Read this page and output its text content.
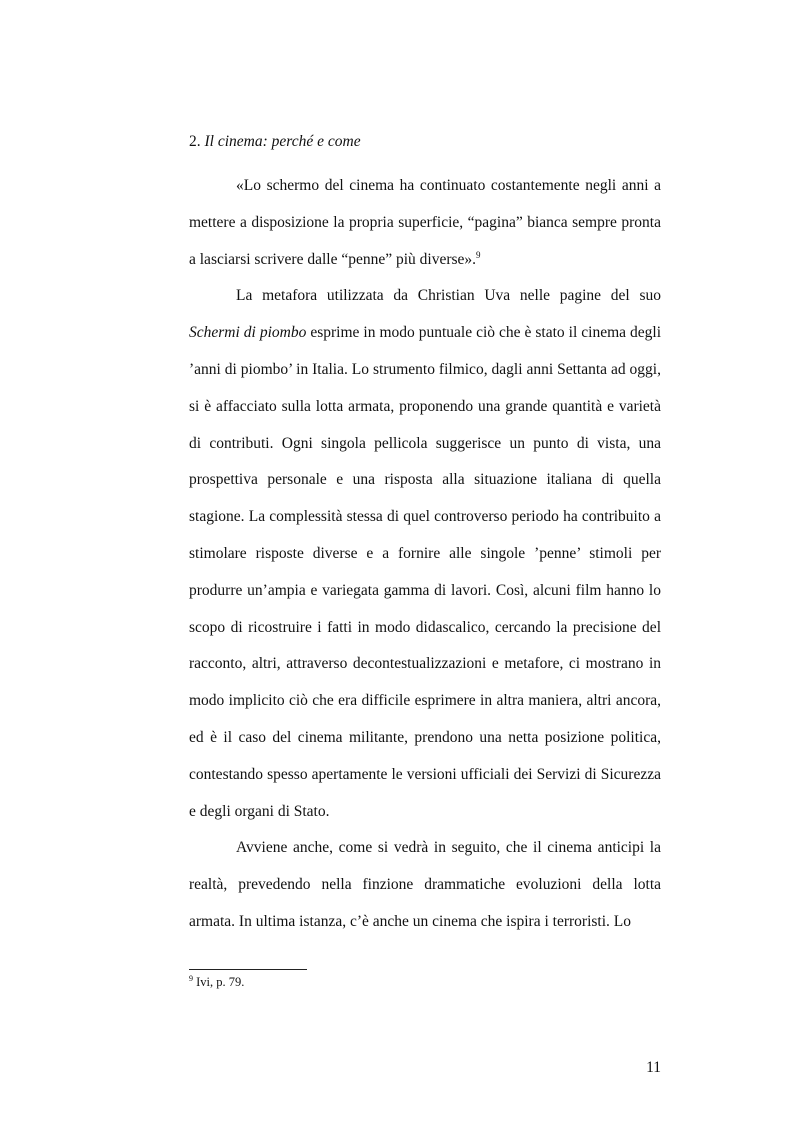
2. Il cinema: perché e come

«Lo schermo del cinema ha continuato costantemente negli anni a mettere a disposizione la propria superficie, “pagina” bianca sempre pronta a lasciarsi scrivere dalle “penne” più diverse».$^9$

La metafora utilizzata da Christian Uva nelle pagine del suo Schermi di piombo esprime in modo puntuale ciò che è stato il cinema degli ’anni di piombo’ in Italia. Lo strumento filmico, dagli anni Settanta ad oggi, si è affacciato sulla lotta armata, proponendo una grande quantità e varietà di contributi. Ogni singola pellicola suggerisce un punto di vista, una prospettiva personale e una risposta alla situazione italiana di quella stagione. La complessità stessa di quel controverso periodo ha contribuito a stimolare risposte diverse e a fornire alle singole ’penne’ stimoli per produrre un’ampia e variegata gamma di lavori. Così, alcuni film hanno lo scopo di ricostruire i fatti in modo didascalico, cercando la precisione del racconto, altri, attraverso decontestualizzazioni e metafore, ci mostrano in modo implicito ciò che era difficile esprimere in altra maniera, altri ancora, ed è il caso del cinema militante, prendono una netta posizione politica, contestando spesso apertamente le versioni ufficiali dei Servizi di Sicurezza e degli organi di Stato.

Avviene anche, come si vedrà in seguito, che il cinema anticipi la realtà, prevedendo nella finzione drammatiche evoluzioni della lotta armata. In ultima istanza, c’è anche un cinema che ispira i terroristi. Lo

$^9$ Ivi, p. 79.
11
